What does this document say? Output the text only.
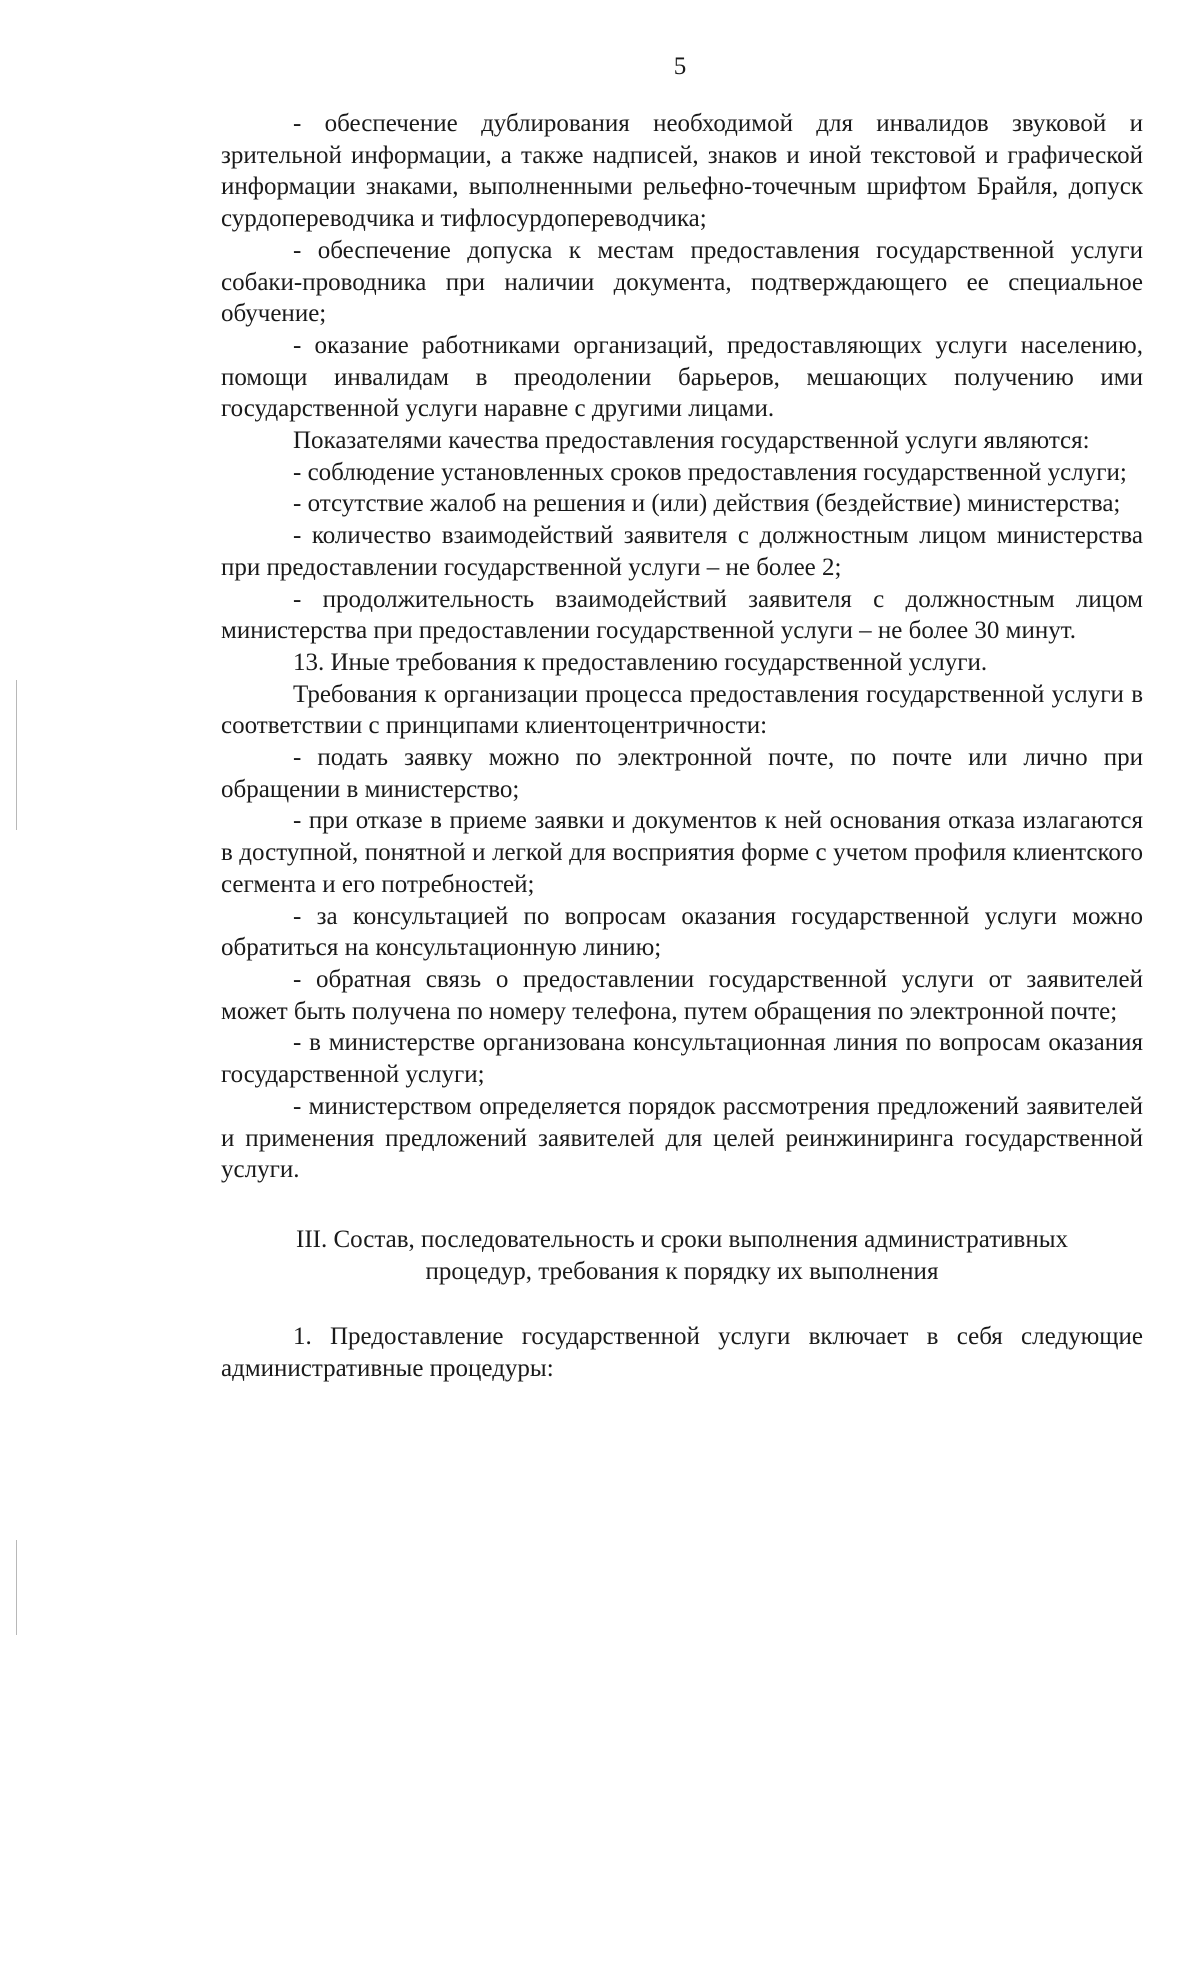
5

- обеспечение дублирования необходимой для инвалидов звуковой и зрительной информации, а также надписей, знаков и иной текстовой и графической информации знаками, выполненными рельефно-точечным шрифтом Брайля, допуск сурдопереводчика и тифлосурдопереводчика;

- обеспечение допуска к местам предоставления государственной услуги собаки-проводника при наличии документа, подтверждающего ее специальное обучение;

- оказание работниками организаций, предоставляющих услуги населению, помощи инвалидам в преодолении барьеров, мешающих получению ими государственной услуги наравне с другими лицами.

Показателями качества предоставления государственной услуги являются:

- соблюдение установленных сроков предоставления государственной услуги;

- отсутствие жалоб на решения и (или) действия (бездействие) министерства;

- количество взаимодействий заявителя с должностным лицом министерства при предоставлении государственной услуги – не более 2;

- продолжительность взаимодействий заявителя с должностным лицом министерства при предоставлении государственной услуги – не более 30 минут.

13. Иные требования к предоставлению государственной услуги.

Требования к организации процесса предоставления государственной услуги в соответствии с принципами клиентоцентричности:

- подать заявку можно по электронной почте, по почте или лично при обращении в министерство;

- при отказе в приеме заявки и документов к ней основания отказа излагаются в доступной, понятной и легкой для восприятия форме с учетом профиля клиентского сегмента и его потребностей;

- за консультацией по вопросам оказания государственной услуги можно обратиться на консультационную линию;

- обратная связь о предоставлении государственной услуги от заявителей может быть получена по номеру телефона, путем обращения по электронной почте;

- в министерстве организована консультационная линия по вопросам оказания государственной услуги;

- министерством определяется порядок рассмотрения предложений заявителей и применения предложений заявителей для целей реинжиниринга государственной услуги.

III. Состав, последовательность и сроки выполнения административных
процедур, требования к порядку их выполнения

1. Предоставление государственной услуги включает в себя следующие административные процедуры:
